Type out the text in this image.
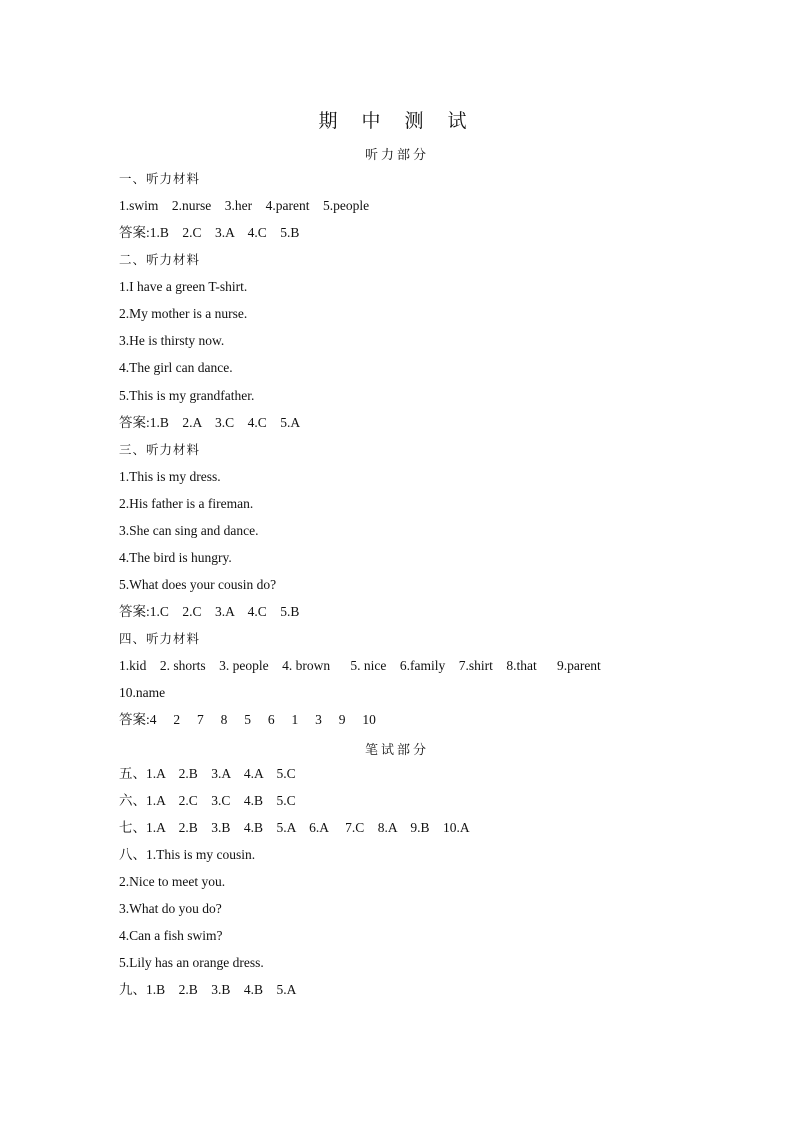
期 中 测 试
听力部分
一、听力材料
1.swim    2.nurse    3.her    4.parent    5.people
答案:1.B    2.C    3.A    4.C    5.B
二、听力材料
1.I have a green T-shirt.
2.My mother is a nurse.
3.He is thirsty now.
4.The girl can dance.
5.This is my grandfather.
答案:1.B    2.A    3.C    4.C    5.A
三、听力材料
1.This is my dress.
2.His father is a fireman.
3.She can sing and dance.
4.The bird is hungry.
5.What does your cousin do?
答案:1.C    2.C    3.A    4.C    5.B
四、听力材料
1.kid    2. shorts    3. people    4. brown      5. nice    6.family    7.shirt    8.that      9.parent
10.name
答案:4     2     7     8     5     6     1     3     9     10
笔试部分
五、1.A    2.B    3.A    4.A    5.C
六、1.A    2.C    3.C    4.B    5.C
七、1.A    2.B    3.B    4.B    5.A    6.A     7.C    8.A    9.B    10.A
八、1.This is my cousin.
2.Nice to meet you.
3.What do you do?
4.Can a fish swim?
5.Lily has an orange dress.
九、1.B    2.B    3.B    4.B    5.A
